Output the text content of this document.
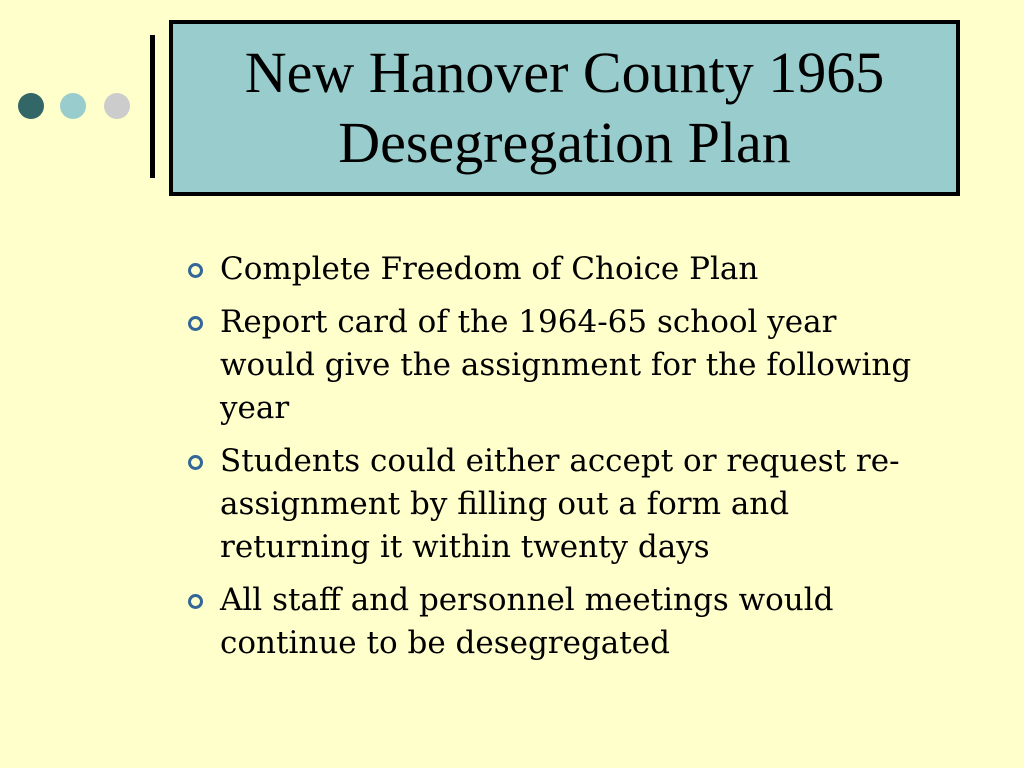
New Hanover County 1965
Desegregation Plan
Complete Freedom of Choice Plan
Report card of the 1964-65 school year would give the assignment for the following year
Students could either accept or request re-assignment by filling out a form and returning it within twenty days
All staff and personnel meetings would continue to be desegregated
